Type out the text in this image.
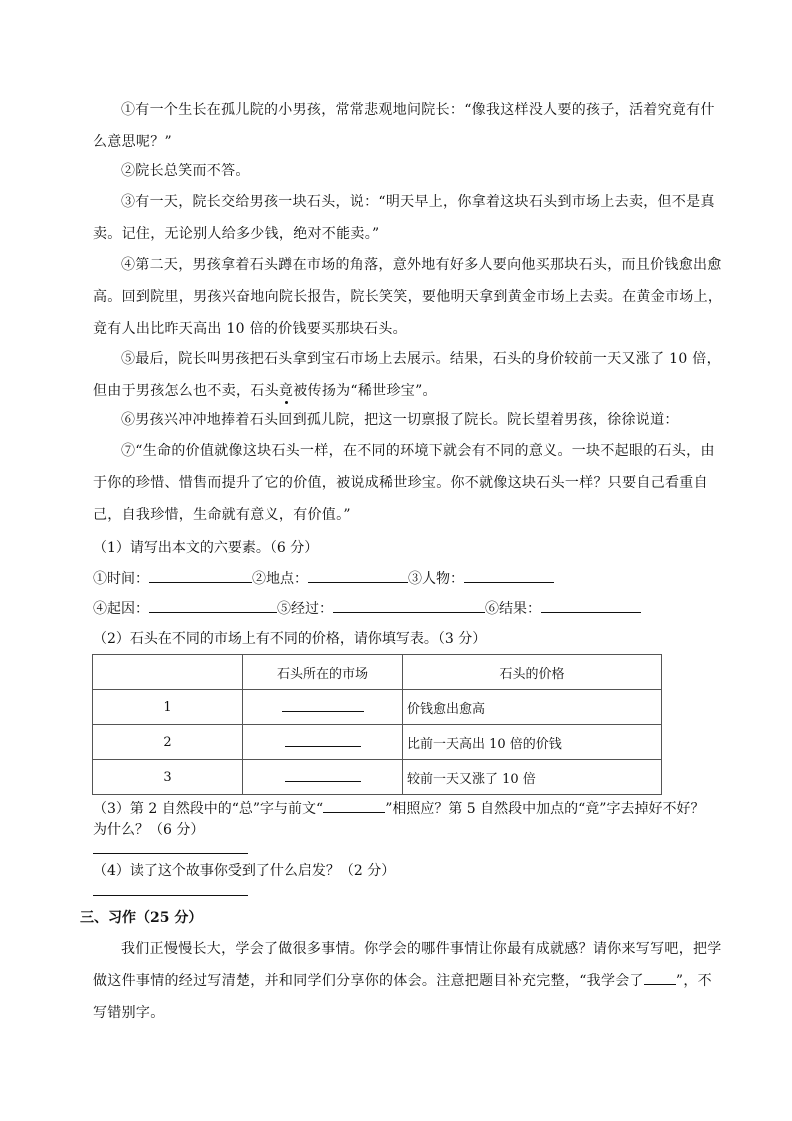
①有一个生长在孤儿院的小男孩，常常悲观地问院长：“像我这样没人要的孩子，活着究竟有什么意思呢？”
②院长总笑而不答。
③有一天，院长交给男孩一块石头，说：“明天早上，你拿着这块石头到市场上去卖，但不是真卖。记住，无论别人给多少钱，绝对不能卖。”
④第二天，男孩拿着石头蹲在市场的角落，意外地有好多人要向他买那块石头，而且价钱愈出愈高。回到院里，男孩兴奋地向院长报告，院长笑笑，要他明天拿到黄金市场上去卖。在黄金市场上，竟有人出比昨天高出 10 倍的价钱要买那块石头。
⑤最后，院长叫男孩把石头拿到宝石市场上去展示。结果，石头的身价较前一天又涨了 10 倍，但由于男孩怎么也不卖，石头竟被传扬为“稀世珍宝”。
⑥男孩兴冲冲地捧着石头回到孤儿院，把这一切禀报了院长。院长望着男孩，徐徐说道：
⑦“生命的价值就像这块石头一样，在不同的环境下就会有不同的意义。一块不起眼的石头，由于你的珍惜、惜售而提升了它的价值，被说成稀世珍宝。你不就像这块石头一样？只要自己看重自己，自我珍惜，生命就有意义，有价值。”
（1）请写出本文的六要素。（6 分）
①时间：	②地点：	③人物：
④起因：	⑤经过：	⑥结果：
（2）石头在不同的市场上有不同的价格，请你填写表。（3 分）
	石头所在的市场	石头的价格
1		价钱愈出愈高
2		比前一天高出 10 倍的价钱
3		较前一天又涨了 10 倍
（3）第 2 自然段中的“总”字与前文“	”相照应？第 5 自然段中加点的“竟”字去掉好不好？
为什么？（6 分）
（4）读了这个故事你受到了什么启发？（2 分）
三、习作（25 分）
我们正慢慢长大，学会了做很多事情。你学会的哪件事情让你最有成就感？请你来写写吧，把学做这件事情的经过写清楚，并和同学们分享你的体会。注意把题目补充完整，“我学会了 ”，不写错别字。
